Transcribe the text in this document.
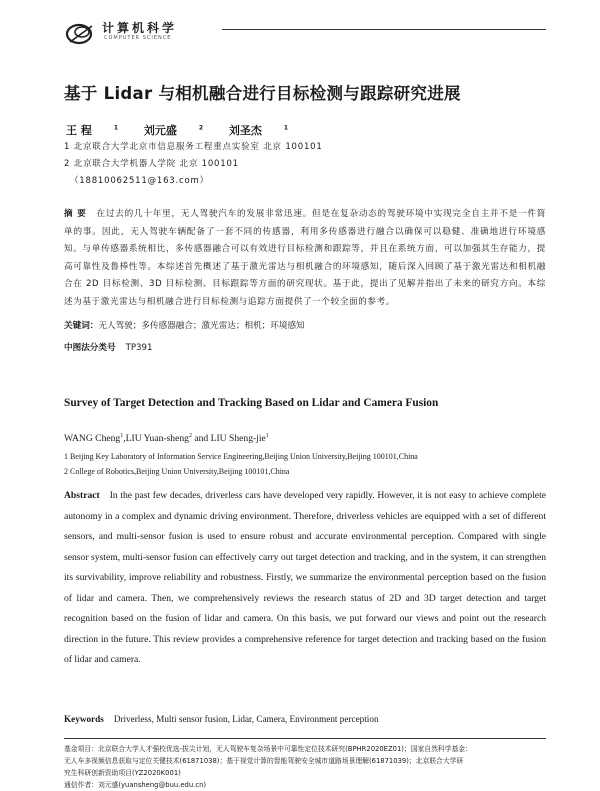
计算机科学
COMPUTER SCIENCE
基于 Lidar 与相机融合进行目标检测与跟踪研究进展
王 程	$^1$ 刘元盛	$^2$ 刘圣杰	$^1$
1 北京联合大学北京市信息服务工程重点实验室 北京 100101
2 北京联合大学机器人学院 北京 100101
（18810062511@163.com）
摘 要 在过去的几十年里，无人驾驶汽车的发展非常迅速。但是在复杂动态的驾驶环境中实现完全自主并不是一件简单的事。因此，无人驾驶车辆配备了一套不同的传感器，利用多传感器进行融合以确保可以稳健、准确地进行环境感知。与单传感器系统相比，多传感器融合可以有效进行目标检测和跟踪等，并且在系统方面，可以加强其生存能力，提高可靠性及鲁棒性等。本综述首先概述了基于激光雷达与相机融合的环境感知，随后深入回顾了基于激光雷达和相机融合在 2D 目标检测、3D 目标检测、目标跟踪等方面的研究现状。基于此，提出了见解并指出了未来的研究方向。本综述为基于激光雷达与相机融合进行目标检测与追踪方面提供了一个较全面的参考。
关键词：无人驾驶；多传感器融合；激光雷达；相机；环境感知
中图法分类号 TP391
Survey of Target Detection and Tracking Based on Lidar and Camera Fusion
WANG Cheng$^1$,LIU Yuan-sheng$^2$ and LIU Sheng-jie$^1$
1 Beijing Key Laboratory of Information Service Engineering,Beijing Union University,Beijing 100101,China
2 College of Robotics,Beijing Union University,Beijing 100101,China
Abstract In the past few decades, driverless cars have developed very rapidly. However, it is not easy to achieve complete autonomy in a complex and dynamic driving environment. Therefore, driverless vehicles are equipped with a set of different sensors, and multi-sensor fusion is used to ensure robust and accurate environmental perception. Compared with single sensor system, multi-sensor fusion can effectively carry out target detection and tracking, and in the system, it can strengthen its survivability, improve reliability and robustness. Firstly, we summarize the environmental perception based on the fusion of lidar and camera. Then, we comprehensively reviews the research status of 2D and 3D target detection and target recognition based on the fusion of lidar and camera. On this basis, we put forward our views and point out the research direction in the future. This review provides a comprehensive reference for target detection and tracking based on the fusion of lidar and camera.
Keywords Driverless, Multi sensor fusion, Lidar, Camera, Environment perception
基金项目：北京联合大学人才强校优选-拔尖计划，无人驾驶车复杂场景中可靠性定位技术研究(BPHR2020EZ01)；国家自然科学基金：
无人车多视频信息获取与定位关键技术(61871038)；基于视觉计算的智能驾驶安全城市道路场景理解(61871039)；北京联合大学研
究生科研创新资助项目(YZ2020K001)
通信作者：刘元盛(yuansheng@buu.edu.cn)
